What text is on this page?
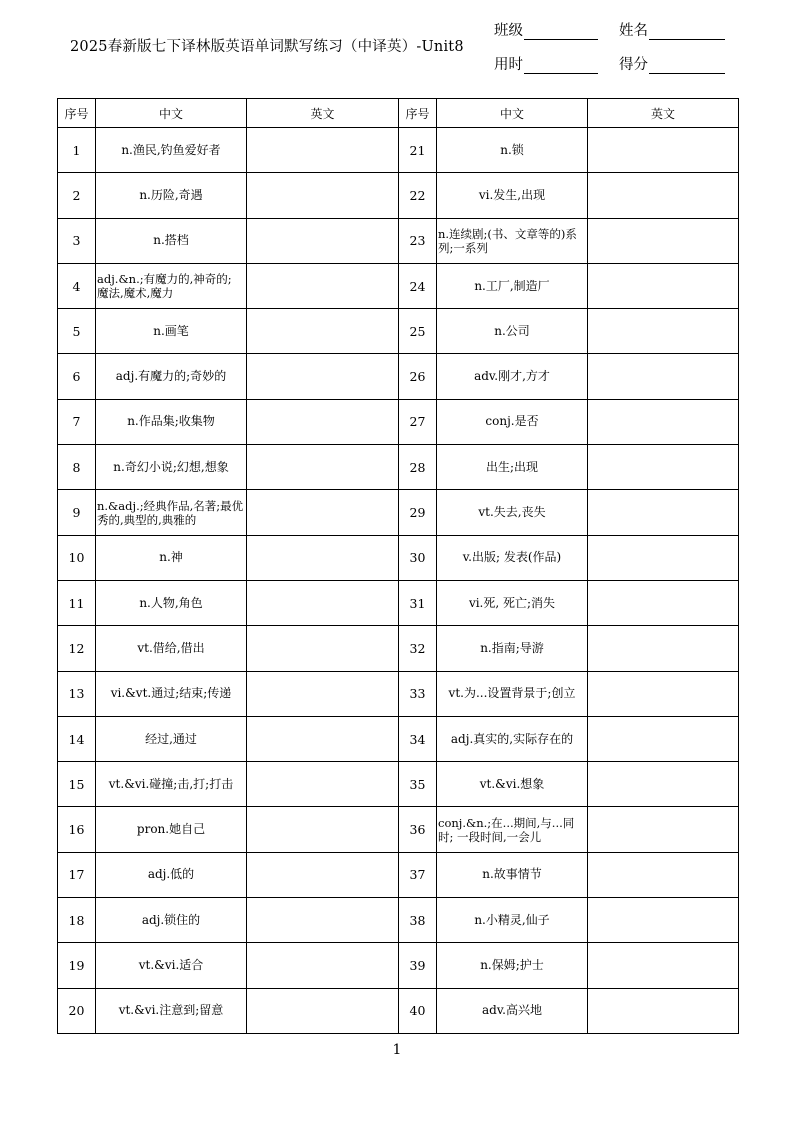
2025春新版七下译林版英语单词默写练习（中译英）-Unit8
班级	姓名
用时	得分
序号	中文	英文	序号	中文	英文
1	n.渔民,钓鱼爱好者		21	n.锁	
2	n.历险,奇遇		22	vi.发生,出现	
3	n.搭档		23	n.连续剧;(书、文章等的)系列;一系列	
4	adj.&n.;有魔力的,神奇的; 魔法,魔术,魔力		24	n.工厂,制造厂	
5	n.画笔		25	n.公司	
6	adj.有魔力的;奇妙的		26	adv.刚才,方才	
7	n.作品集;收集物		27	conj.是否	
8	n.奇幻小说;幻想,想象		28	出生;出现	
9	n.&adj.;经典作品,名著;最优秀的,典型的,典雅的		29	vt.失去,丧失	
10	n.神		30	v.出版; 发表(作品)	
11	n.人物,角色		31	vi.死, 死亡;消失	
12	vt.借给,借出		32	n.指南;导游	
13	vi.&vt.通过;结束;传递		33	vt.为...设置背景于;创立	
14	经过,通过		34	adj.真实的,实际存在的	
15	vt.&vi.碰撞;击,打;打击		35	vt.&vi.想象	
16	pron.她自己		36	conj.&n.;在...期间,与...同时; 一段时间,一会儿	
17	adj.低的		37	n.故事情节	
18	adj.锁住的		38	n.小精灵,仙子	
19	vt.&vi.适合		39	n.保姆;护士	
20	vt.&vi.注意到;留意		40	adv.高兴地	
1
